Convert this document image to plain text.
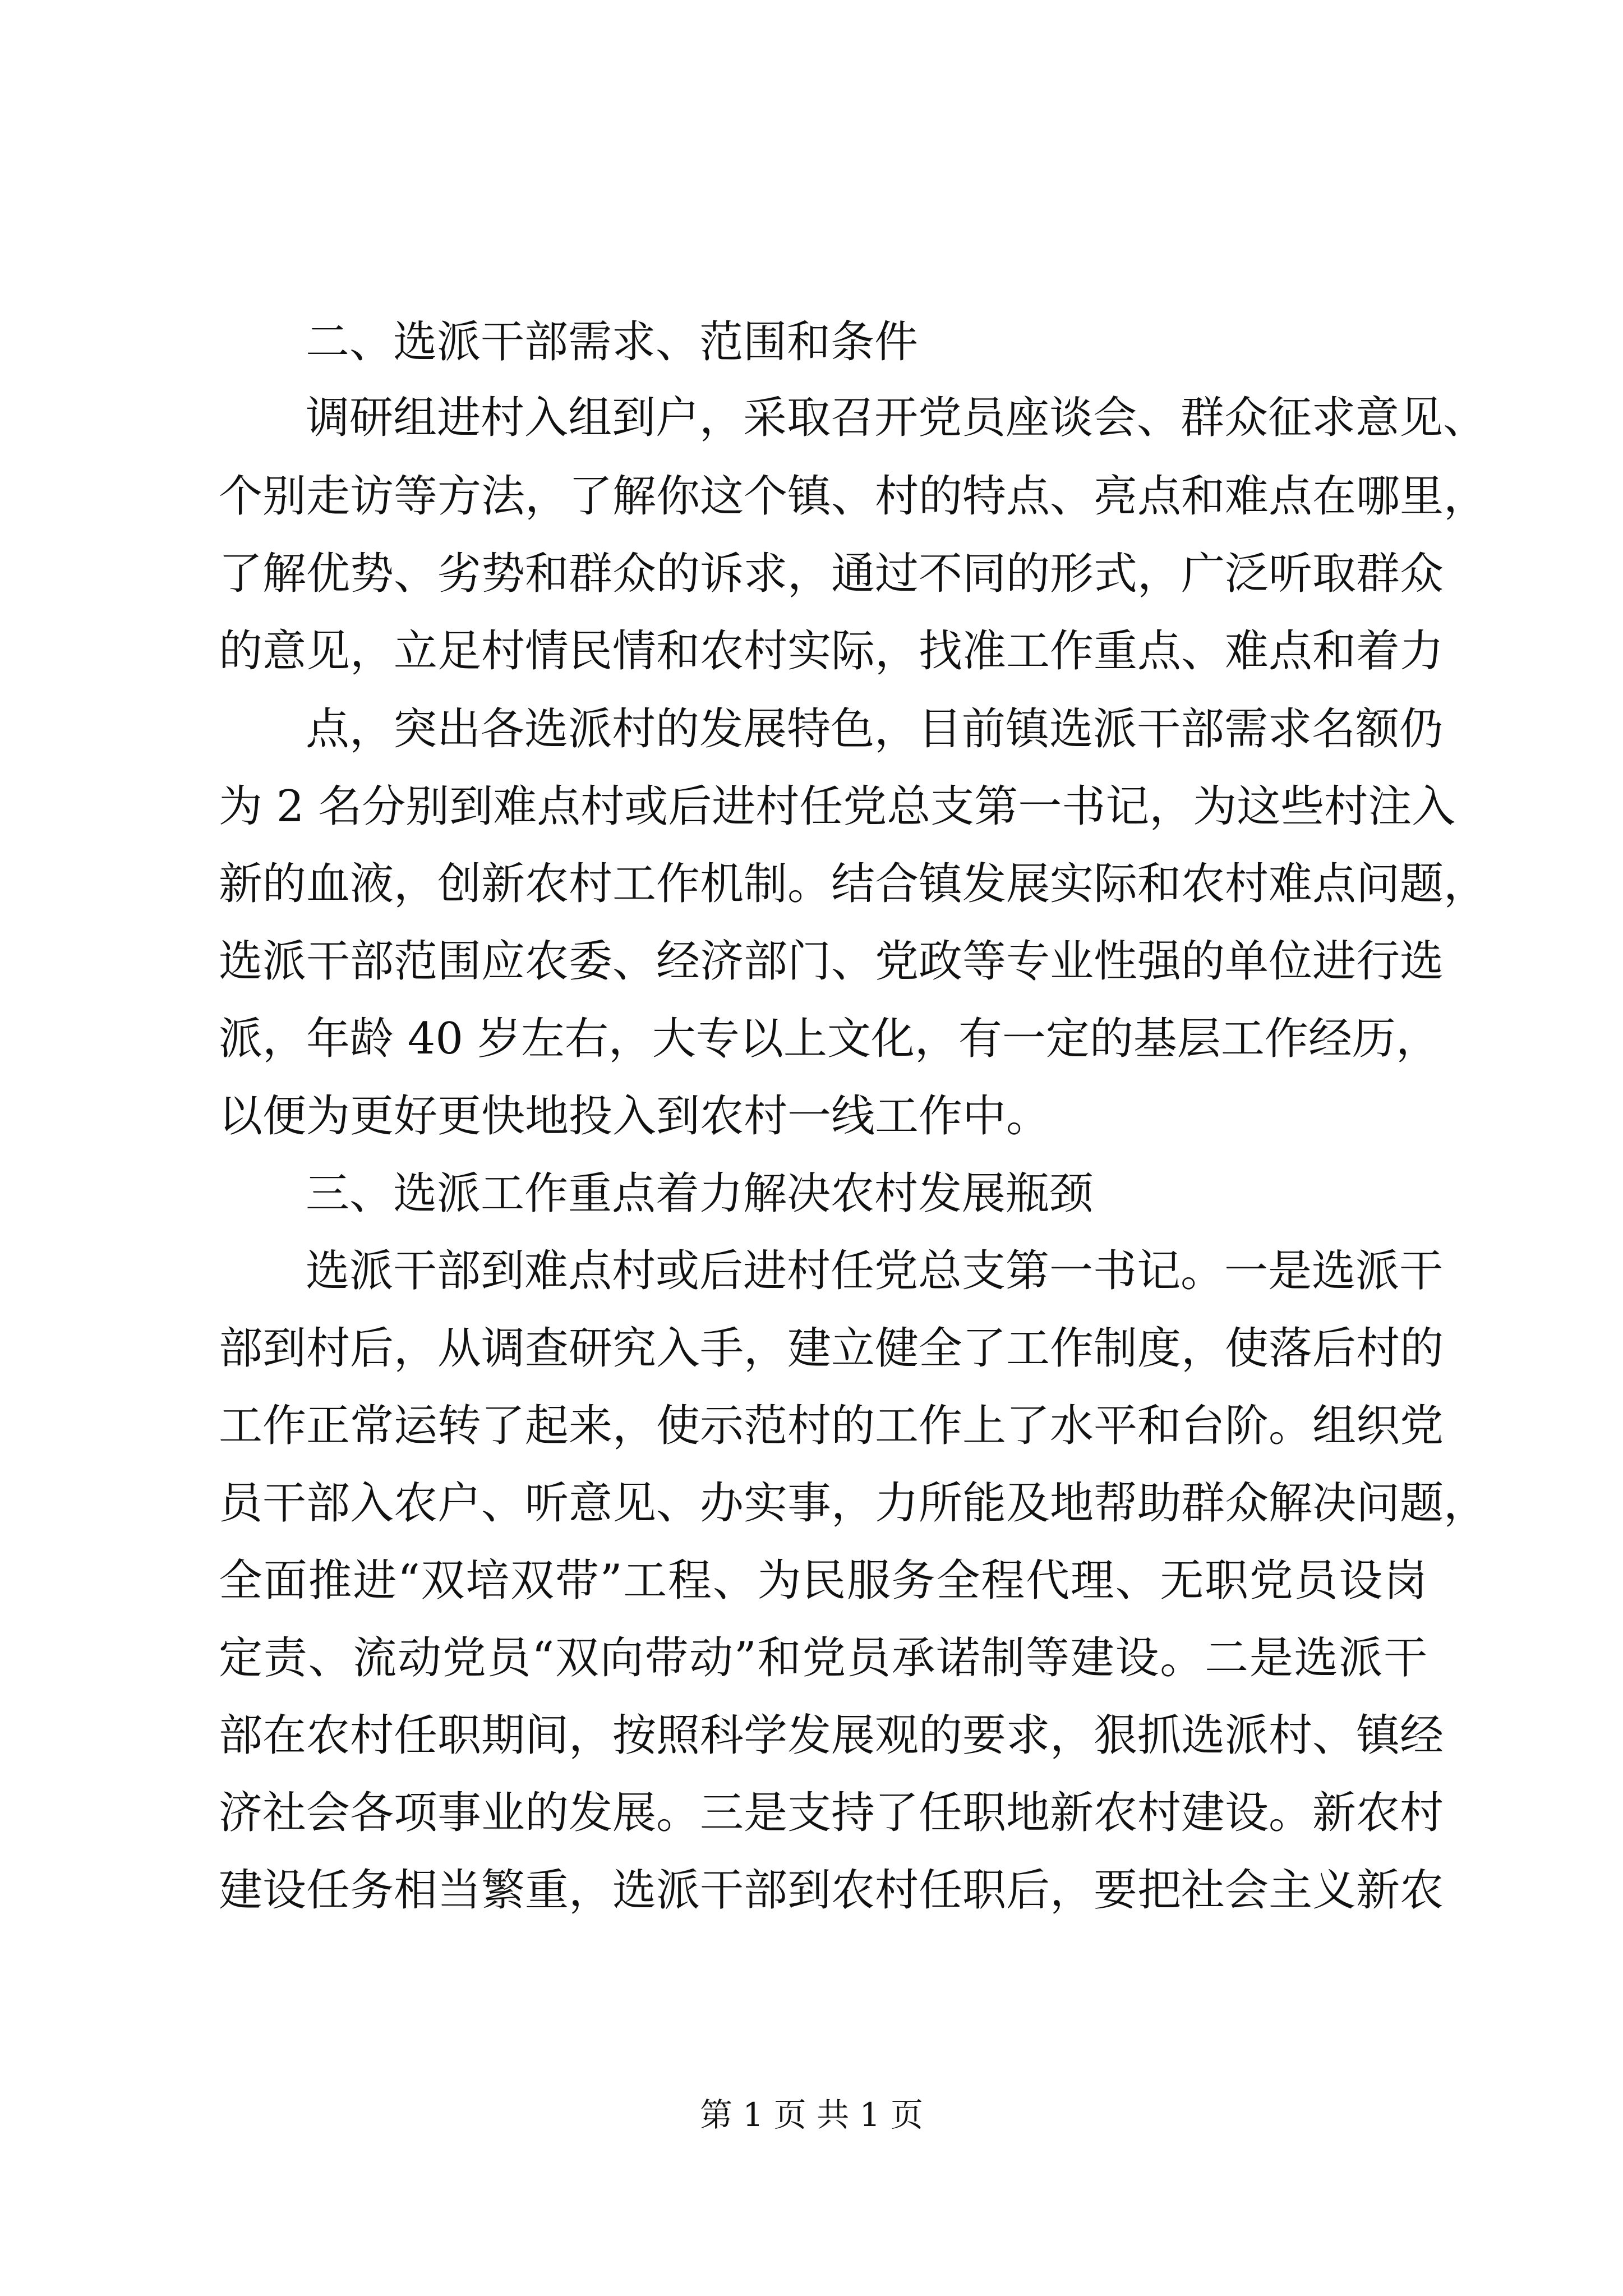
二、选派干部需求、范围和条件

调研组进村入组到户，采取召开党员座谈会、群众征求意见、

个别走访等方法，了解你这个镇、村的特点、亮点和难点在哪里，

了解优势、劣势和群众的诉求，通过不同的形式，广泛听取群众

的意见，立足村情民情和农村实际，找准工作重点、难点和着力

点，突出各选派村的发展特色，目前镇选派干部需求名额仍

为 2 名分别到难点村或后进村任党总支第一书记，为这些村注入

新的血液，创新农村工作机制。结合镇发展实际和农村难点问题，

选派干部范围应农委、经济部门、党政等专业性强的单位进行选

派，年龄 40 岁左右，大专以上文化，有一定的基层工作经历，

以便为更好更快地投入到农村一线工作中。

三、选派工作重点着力解决农村发展瓶颈

选派干部到难点村或后进村任党总支第一书记。一是选派干

部到村后，从调查研究入手，建立健全了工作制度，使落后村的

工作正常运转了起来，使示范村的工作上了水平和台阶。组织党

员干部入农户、听意见、办实事，力所能及地帮助群众解决问题，

全面推进“双培双带”工程、为民服务全程代理、无职党员设岗

定责、流动党员“双向带动”和党员承诺制等建设。二是选派干

部在农村任职期间，按照科学发展观的要求，狠抓选派村、镇经

济社会各项事业的发展。三是支持了任职地新农村建设。新农村

建设任务相当繁重，选派干部到农村任职后，要把社会主义新农

第 1 页 共 1 页
